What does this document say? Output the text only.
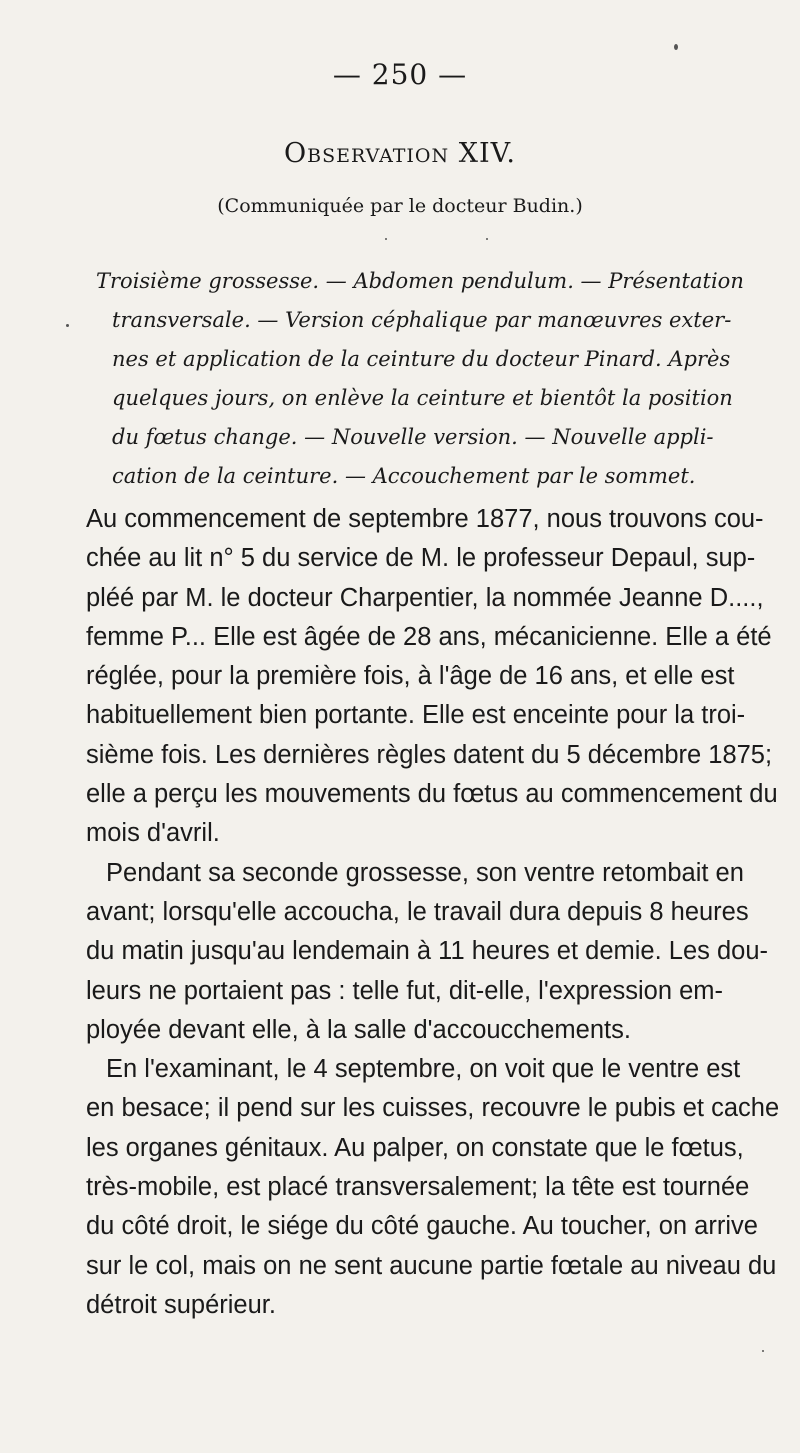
— 250 —
Observation XIV.
(Communiquée par le docteur Budin.)
Troisième grossesse. — Abdomen pendulum. — Présentation
transversale. — Version céphalique par manœuvres exter-
nes et application de la ceinture du docteur Pinard. Après
quelques jours, on enlève la ceinture et bientôt la position
du fœtus change. — Nouvelle version. — Nouvelle appli-
cation de la ceinture. — Accouchement par le sommet.
Au commencement de septembre 1877, nous trouvons cou-
chée au lit n° 5 du service de M. le professeur Depaul, sup-
pléé par M. le docteur Charpentier, la nommée Jeanne D....,
femme P... Elle est âgée de 28 ans, mécanicienne. Elle a été
réglée, pour la première fois, à l'âge de 16 ans, et elle est
habituellement bien portante. Elle est enceinte pour la troi-
sième fois. Les dernières règles datent du 5 décembre 1875;
elle a perçu les mouvements du fœtus au commencement du
mois d'avril.
Pendant sa seconde grossesse, son ventre retombait en
avant; lorsqu'elle accoucha, le travail dura depuis 8 heures
du matin jusqu'au lendemain à 11 heures et demie. Les dou-
leurs ne portaient pas : telle fut, dit-elle, l'expression em-
ployée devant elle, à la salle d'accoucchements.
En l'examinant, le 4 septembre, on voit que le ventre est
en besace; il pend sur les cuisses, recouvre le pubis et cache
les organes génitaux. Au palper, on constate que le fœtus,
très-mobile, est placé transversalement; la tête est tournée
du côté droit, le siége du côté gauche. Au toucher, on arrive
sur le col, mais on ne sent aucune partie fœtale au niveau du
détroit supérieur.
